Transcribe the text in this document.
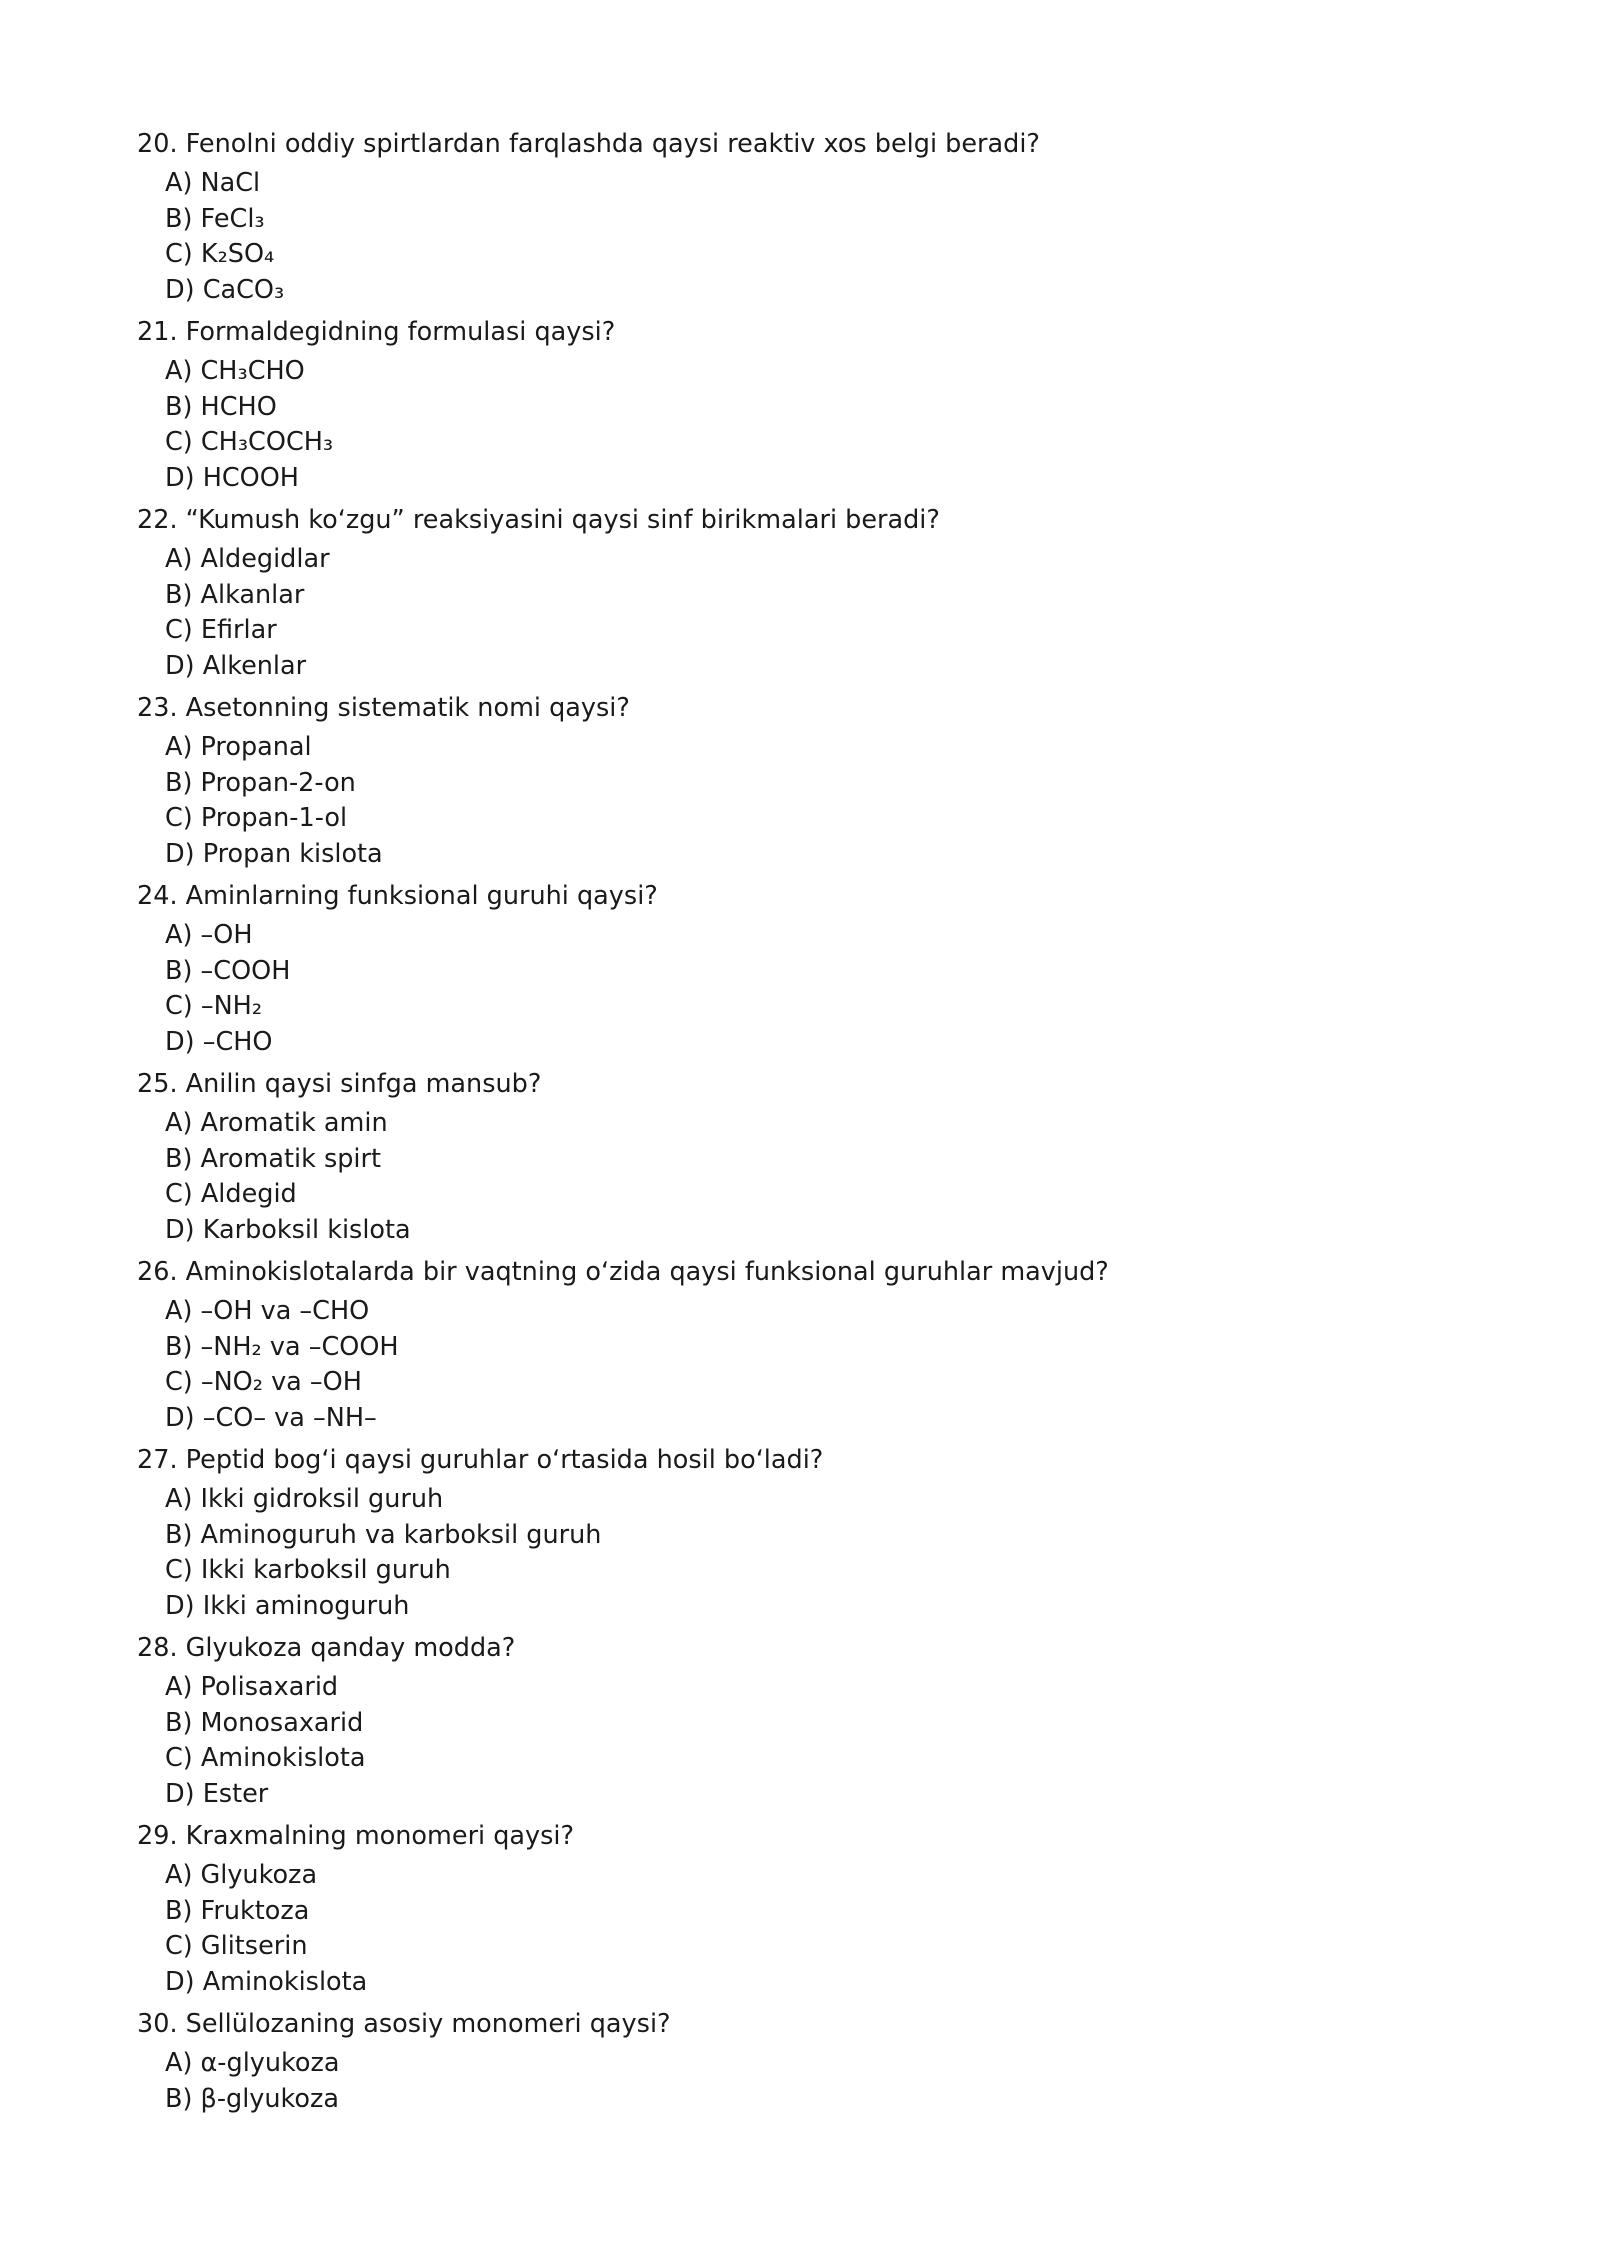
20. Fenolni oddiy spirtlardan farqlashda qaysi reaktiv xos belgi beradi?
A) NaCl
B) FeCl₃
C) K₂SO₄
D) CaCO₃
21. Formaldegidning formulasi qaysi?
A) CH₃CHO
B) HCHO
C) CH₃COCH₃
D) HCOOH
22. “Kumush koʻzgu” reaksiyasini qaysi sinf birikmalari beradi?
A) Aldegidlar
B) Alkanlar
C) Efirlar
D) Alkenlar
23. Asetonning sistematik nomi qaysi?
A) Propanal
B) Propan-2-on
C) Propan-1-ol
D) Propan kislota
24. Aminlarning funksional guruhi qaysi?
A) –OH
B) –COOH
C) –NH₂
D) –CHO
25. Anilin qaysi sinfga mansub?
A) Aromatik amin
B) Aromatik spirt
C) Aldegid
D) Karboksil kislota
26. Aminokislotalarda bir vaqtning oʻzida qaysi funksional guruhlar mavjud?
A) –OH va –CHO
B) –NH₂ va –COOH
C) –NO₂ va –OH
D) –CO– va –NH–
27. Peptid bogʻi qaysi guruhlar oʻrtasida hosil boʻladi?
A) Ikki gidroksil guruh
B) Aminoguruh va karboksil guruh
C) Ikki karboksil guruh
D) Ikki aminoguruh
28. Glyukoza qanday modda?
A) Polisaxarid
B) Monosaxarid
C) Aminokislota
D) Ester
29. Kraxmalning monomeri qaysi?
A) Glyukoza
B) Fruktoza
C) Glitserin
D) Aminokislota
30. Sellülozaning asosiy monomeri qaysi?
A) α-glyukoza
B) β-glyukoza
